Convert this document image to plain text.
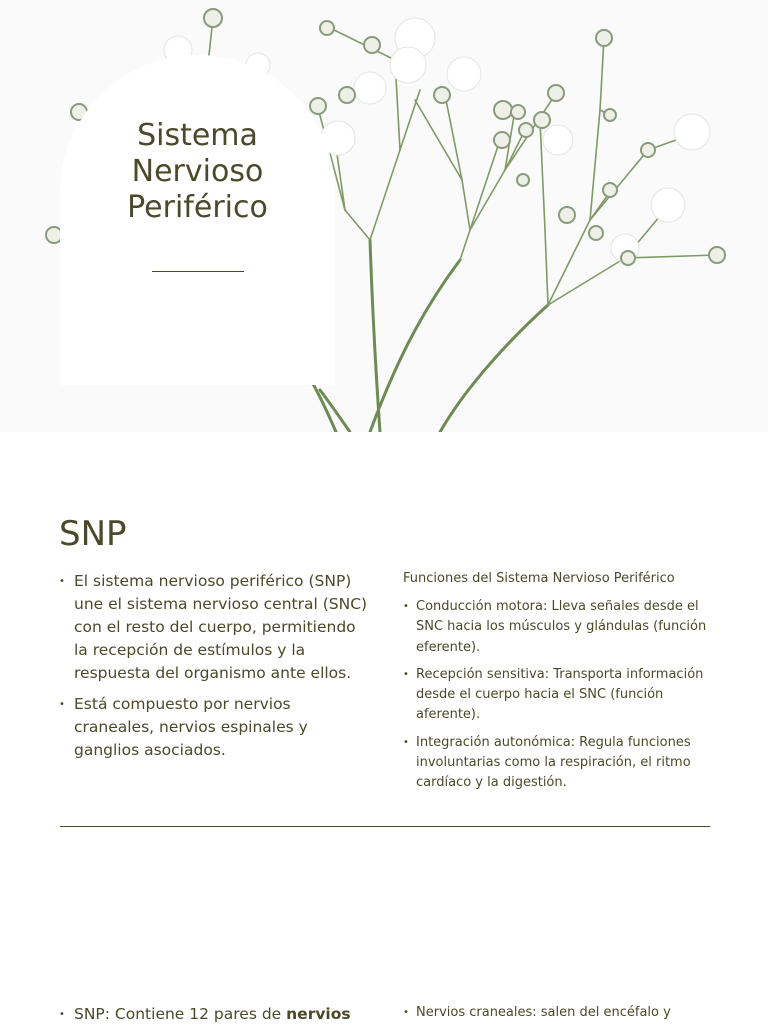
Sistema
Nervioso
Periférico
SNP
• El sistema nervioso periférico (SNP) une el sistema nervioso central (SNC) con el resto del cuerpo, permitiendo la recepción de estímulos y la respuesta del organismo ante ellos.
• Está compuesto por nervios craneales, nervios espinales y ganglios asociados.
Funciones del Sistema Nervioso Periférico
• Conducción motora: Lleva señales desde el SNC hacia los músculos y glándulas (función eferente).
• Recepción sensitiva: Transporta información desde el cuerpo hacia el SNC (función aferente).
• Integración autonómica: Regula funciones involuntarias como la respiración, el ritmo cardíaco y la digestión.
• SNP: Contiene 12 pares de nervios
•	Nervios craneales: salen del encéfalo y
